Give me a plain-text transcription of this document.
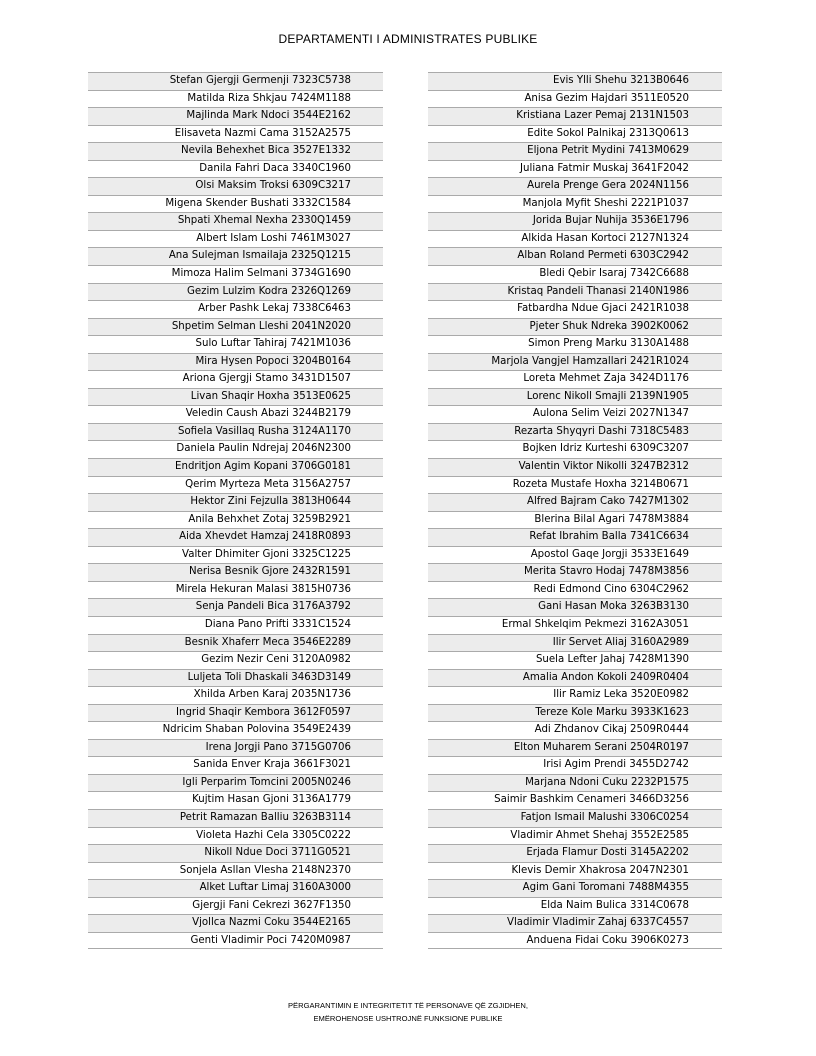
DEPARTAMENTI I ADMINISTRATES PUBLIKE
Stefan Gjergji Germenji 7323C5738
Matilda Riza Shkjau 7424M1188
Majlinda Mark Ndoci 3544E2162
Elisaveta Nazmi Cama 3152A2575
Nevila Behexhet Bica 3527E1332
Danila Fahri Daca 3340C1960
Olsi Maksim Troksi 6309C3217
Migena Skender Bushati 3332C1584
Shpati Xhemal Nexha 2330Q1459
Albert Islam Loshi 7461M3027
Ana Sulejman Ismailaja 2325Q1215
Mimoza Halim Selmani 3734G1690
Gezim Lulzim Kodra 2326Q1269
Arber Pashk Lekaj 7338C6463
Shpetim Selman Lleshi 2041N2020
Sulo Luftar Tahiraj 7421M1036
Mira Hysen Popoci 3204B0164
Ariona Gjergji Stamo 3431D1507
Livan Shaqir Hoxha 3513E0625
Veledin Caush Abazi 3244B2179
Sofiela Vasillaq Rusha 3124A1170
Daniela Paulin Ndrejaj 2046N2300
Endritjon Agim Kopani 3706G0181
Qerim Myrteza Meta 3156A2757
Hektor Zini Fejzulla 3813H0644
Anila Behxhet Zotaj 3259B2921
Aida Xhevdet Hamzaj 2418R0893
Valter Dhimiter Gjoni 3325C1225
Nerisa Besnik Gjore 2432R1591
Mirela Hekuran Malasi 3815H0736
Senja Pandeli Bica 3176A3792
Diana Pano Prifti 3331C1524
Besnik Xhaferr Meca 3546E2289
Gezim Nezir Ceni 3120A0982
Luljeta Toli Dhaskali 3463D3149
Xhilda Arben Karaj 2035N1736
Ingrid Shaqir Kembora 3612F0597
Ndricim Shaban Polovina 3549E2439
Irena Jorgji Pano 3715G0706
Sanida Enver Kraja 3661F3021
Igli Perparim Tomcini 2005N0246
Kujtim Hasan Gjoni 3136A1779
Petrit Ramazan Balliu 3263B3114
Violeta Hazhi Cela 3305C0222
Nikoll Ndue Doci 3711G0521
Sonjela Asllan Vlesha 2148N2370
Alket Luftar Limaj 3160A3000
Gjergji Fani Cekrezi 3627F1350
Vjollca Nazmi Coku 3544E2165
Genti Vladimir Poci 7420M0987
Evis Ylli Shehu 3213B0646
Anisa Gezim Hajdari 3511E0520
Kristiana Lazer Pemaj 2131N1503
Edite Sokol Palnikaj 2313Q0613
Eljona Petrit Mydini 7413M0629
Juliana Fatmir Muskaj 3641F2042
Aurela Prenge Gera 2024N1156
Manjola Myfit Sheshi 2221P1037
Jorida Bujar Nuhija 3536E1796
Alkida Hasan Kortoci 2127N1324
Alban Roland Permeti 6303C2942
Bledi Qebir Isaraj 7342C6688
Kristaq Pandeli Thanasi 2140N1986
Fatbardha Ndue Gjaci 2421R1038
Pjeter Shuk Ndreka 3902K0062
Simon Preng Marku 3130A1488
Marjola Vangjel Hamzallari 2421R1024
Loreta Mehmet Zaja 3424D1176
Lorenc Nikoll Smajli 2139N1905
Aulona Selim Veizi 2027N1347
Rezarta Shyqyri Dashi 7318C5483
Bojken Idriz Kurteshi 6309C3207
Valentin Viktor Nikolli 3247B2312
Rozeta Mustafe Hoxha 3214B0671
Alfred Bajram Cako 7427M1302
Blerina Bilal Agari 7478M3884
Refat Ibrahim Balla 7341C6634
Apostol Gaqe Jorgji 3533E1649
Merita Stavro Hodaj 7478M3856
Redi Edmond Cino 6304C2962
Gani Hasan Moka 3263B3130
Ermal Shkelqim Pekmezi 3162A3051
Ilir Servet Aliaj 3160A2989
Suela Lefter Jahaj 7428M1390
Amalia Andon Kokoli 2409R0404
Ilir Ramiz Leka 3520E0982
Tereze Kole Marku 3933K1623
Adi Zhdanov Cikaj 2509R0444
Elton Muharem Serani 2504R0197
Irisi Agim Prendi 3455D2742
Marjana Ndoni Cuku 2232P1575
Saimir Bashkim Cenameri 3466D3256
Fatjon Ismail Malushi 3306C0254
Vladimir Ahmet Shehaj 3552E2585
Erjada Flamur Dosti 3145A2202
Klevis Demir Xhakrosa 2047N2301
Agim Gani Toromani 7488M4355
Elda Naim Bulica 3314C0678
Vladimir Vladimir Zahaj 6337C4557
Anduena Fidai Coku 3906K0273
PËRGARANTIMIN E INTEGRITETIT TË PERSONAVE QË ZGJIDHEN,
EMËROHENOSE USHTROJNË FUNKSIONE PUBLIKE
